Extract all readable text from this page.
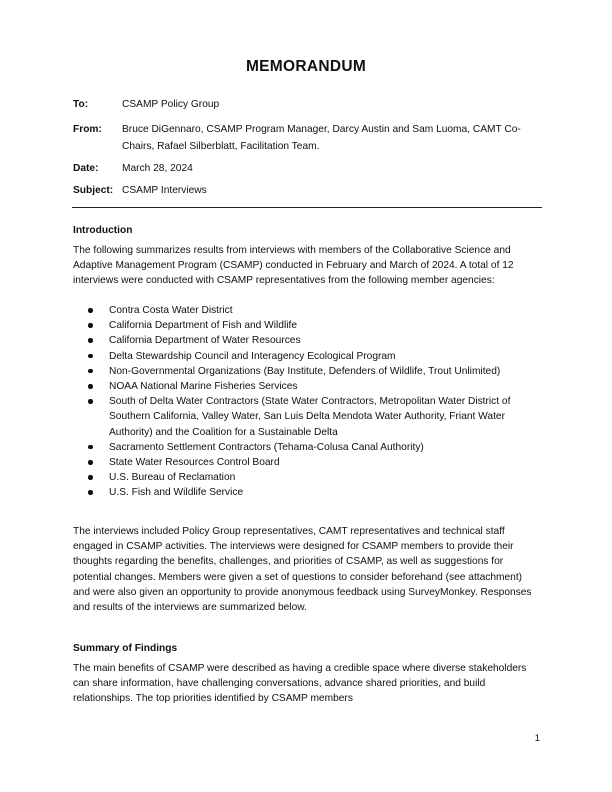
MEMORANDUM
To:	CSAMP Policy Group
From: Bruce DiGennaro, CSAMP Program Manager, Darcy Austin and Sam Luoma, CAMT Co-Chairs, Rafael Silberblatt, Facilitation Team.
Date: March 28, 2024
Subject: CSAMP Interviews
Introduction
The following summarizes results from interviews with members of the Collaborative Science and Adaptive Management Program (CSAMP) conducted in February and March of 2024. A total of 12 interviews were conducted with CSAMP representatives from the following member agencies:
Contra Costa Water District
California Department of Fish and Wildlife
California Department of Water Resources
Delta Stewardship Council and Interagency Ecological Program
Non-Governmental Organizations (Bay Institute, Defenders of Wildlife, Trout Unlimited)
NOAA National Marine Fisheries Services
South of Delta Water Contractors (State Water Contractors, Metropolitan Water District of Southern California, Valley Water, San Luis Delta Mendota Water Authority, Friant Water Authority) and the Coalition for a Sustainable Delta
Sacramento Settlement Contractors (Tehama-Colusa Canal Authority)
State Water Resources Control Board
U.S. Bureau of Reclamation
U.S. Fish and Wildlife Service
The interviews included Policy Group representatives, CAMT representatives and technical staff engaged in CSAMP activities. The interviews were designed for CSAMP members to provide their thoughts regarding the benefits, challenges, and priorities of CSAMP, as well as suggestions for potential changes. Members were given a set of questions to consider beforehand (see attachment) and were also given an opportunity to provide anonymous feedback using SurveyMonkey. Responses and results of the interviews are summarized below.
Summary of Findings
The main benefits of CSAMP were described as having a credible space where diverse stakeholders can share information, have challenging conversations, advance shared priorities, and build relationships. The top priorities identified by CSAMP members
1
